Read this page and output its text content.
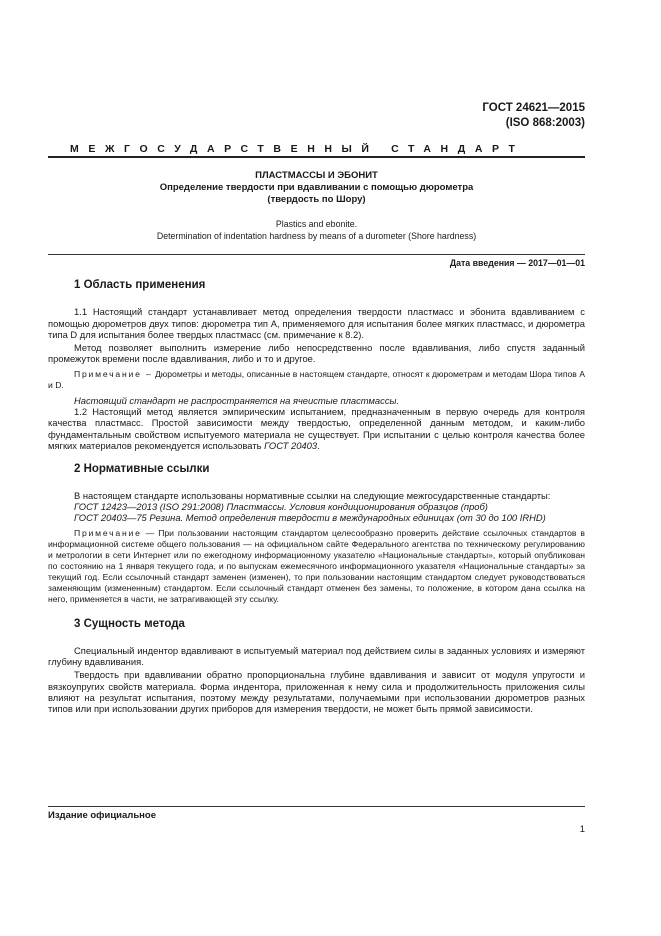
ГОСТ 24621—2015
(ISO 868:2003)
МЕЖГОСУДАРСТВЕННЫЙ СТАНДАРТ
ПЛАСТМАССЫ И ЭБОНИТ
Определение твердости при вдавливании с помощью дюрометра
(твердость по Шору)
Plastics and ebonite.
Determination of indentation hardness by means of a durometer (Shore hardness)
Дата введения — 2017—01—01
1 Область применения

1.1 Настоящий стандарт устанавливает метод определения твердости пластмасс и эбонита вдавливанием с помощью дюрометров двух типов: дюрометра тип А, применяемого для испытания более мягких пластмасс, и дюрометра типа D для испытания более твердых пластмасс (см. примечание к 8.2).

Метод позволяет выполнить измерение либо непосредственно после вдавливания, либо спустя заданный промежуток времени после вдавливания, либо и то и другое.

Примечание – Дюрометры и методы, описанные в настоящем стандарте, относят к дюрометрам и методам Шора типов А и D.

Настоящий стандарт не распространяется на ячеистые пластмассы.

1.2 Настоящий метод является эмпирическим испытанием, предназначенным в первую очередь для контроля качества пластмасс. Простой зависимости между твердостью, определенной данным методом, и каким-либо фундаментальным свойством испытуемого материала не существует. При испытании с целью контроля качества более мягких материалов рекомендуется использовать ГОСТ 20403.

2 Нормативные ссылки

В настоящем стандарте использованы нормативные ссылки на следующие межгосударственные стандарты:

ГОСТ 12423—2013 (ISO 291:2008) Пластмассы. Условия кондиционирования образцов (проб)

ГОСТ 20403—75 Резина. Метод определения твердости в международных единицах (от 30 до 100 IRHD)

Примечание — При пользовании настоящим стандартом целесообразно проверить действие ссылочных стандартов в информационной системе общего пользования — на официальном сайте Федерального агентства по техническому регулированию и метрологии в сети Интернет или по ежегодному информационному указателю «Национальные стандарты», который опубликован по состоянию на 1 января текущего года, и по выпускам ежемесячного информационного указателя «Национальные стандарты» за текущий год. Если ссылочный стандарт заменен (изменен), то при пользовании настоящим стандартом следует руководствоваться заменяющим (измененным) стандартом. Если ссылочный стандарт отменен без замены, то положение, в котором дана ссылка на него, применяется в части, не затрагивающей эту ссылку.

3 Сущность метода

Специальный индентор вдавливают в испытуемый материал под действием силы в заданных условиях и измеряют глубину вдавливания.

Твердость при вдавливании обратно пропорциональна глубине вдавливания и зависит от модуля упругости и вязкоупругих свойств материала. Форма индентора, приложенная к нему сила и продолжительность приложения силы влияют на результат испытания, поэтому между результатами, получаемыми при использовании дюрометров разных типов или при использовании других приборов для измерения твердости, не может быть прямой зависимости.

Издание официальное
1
